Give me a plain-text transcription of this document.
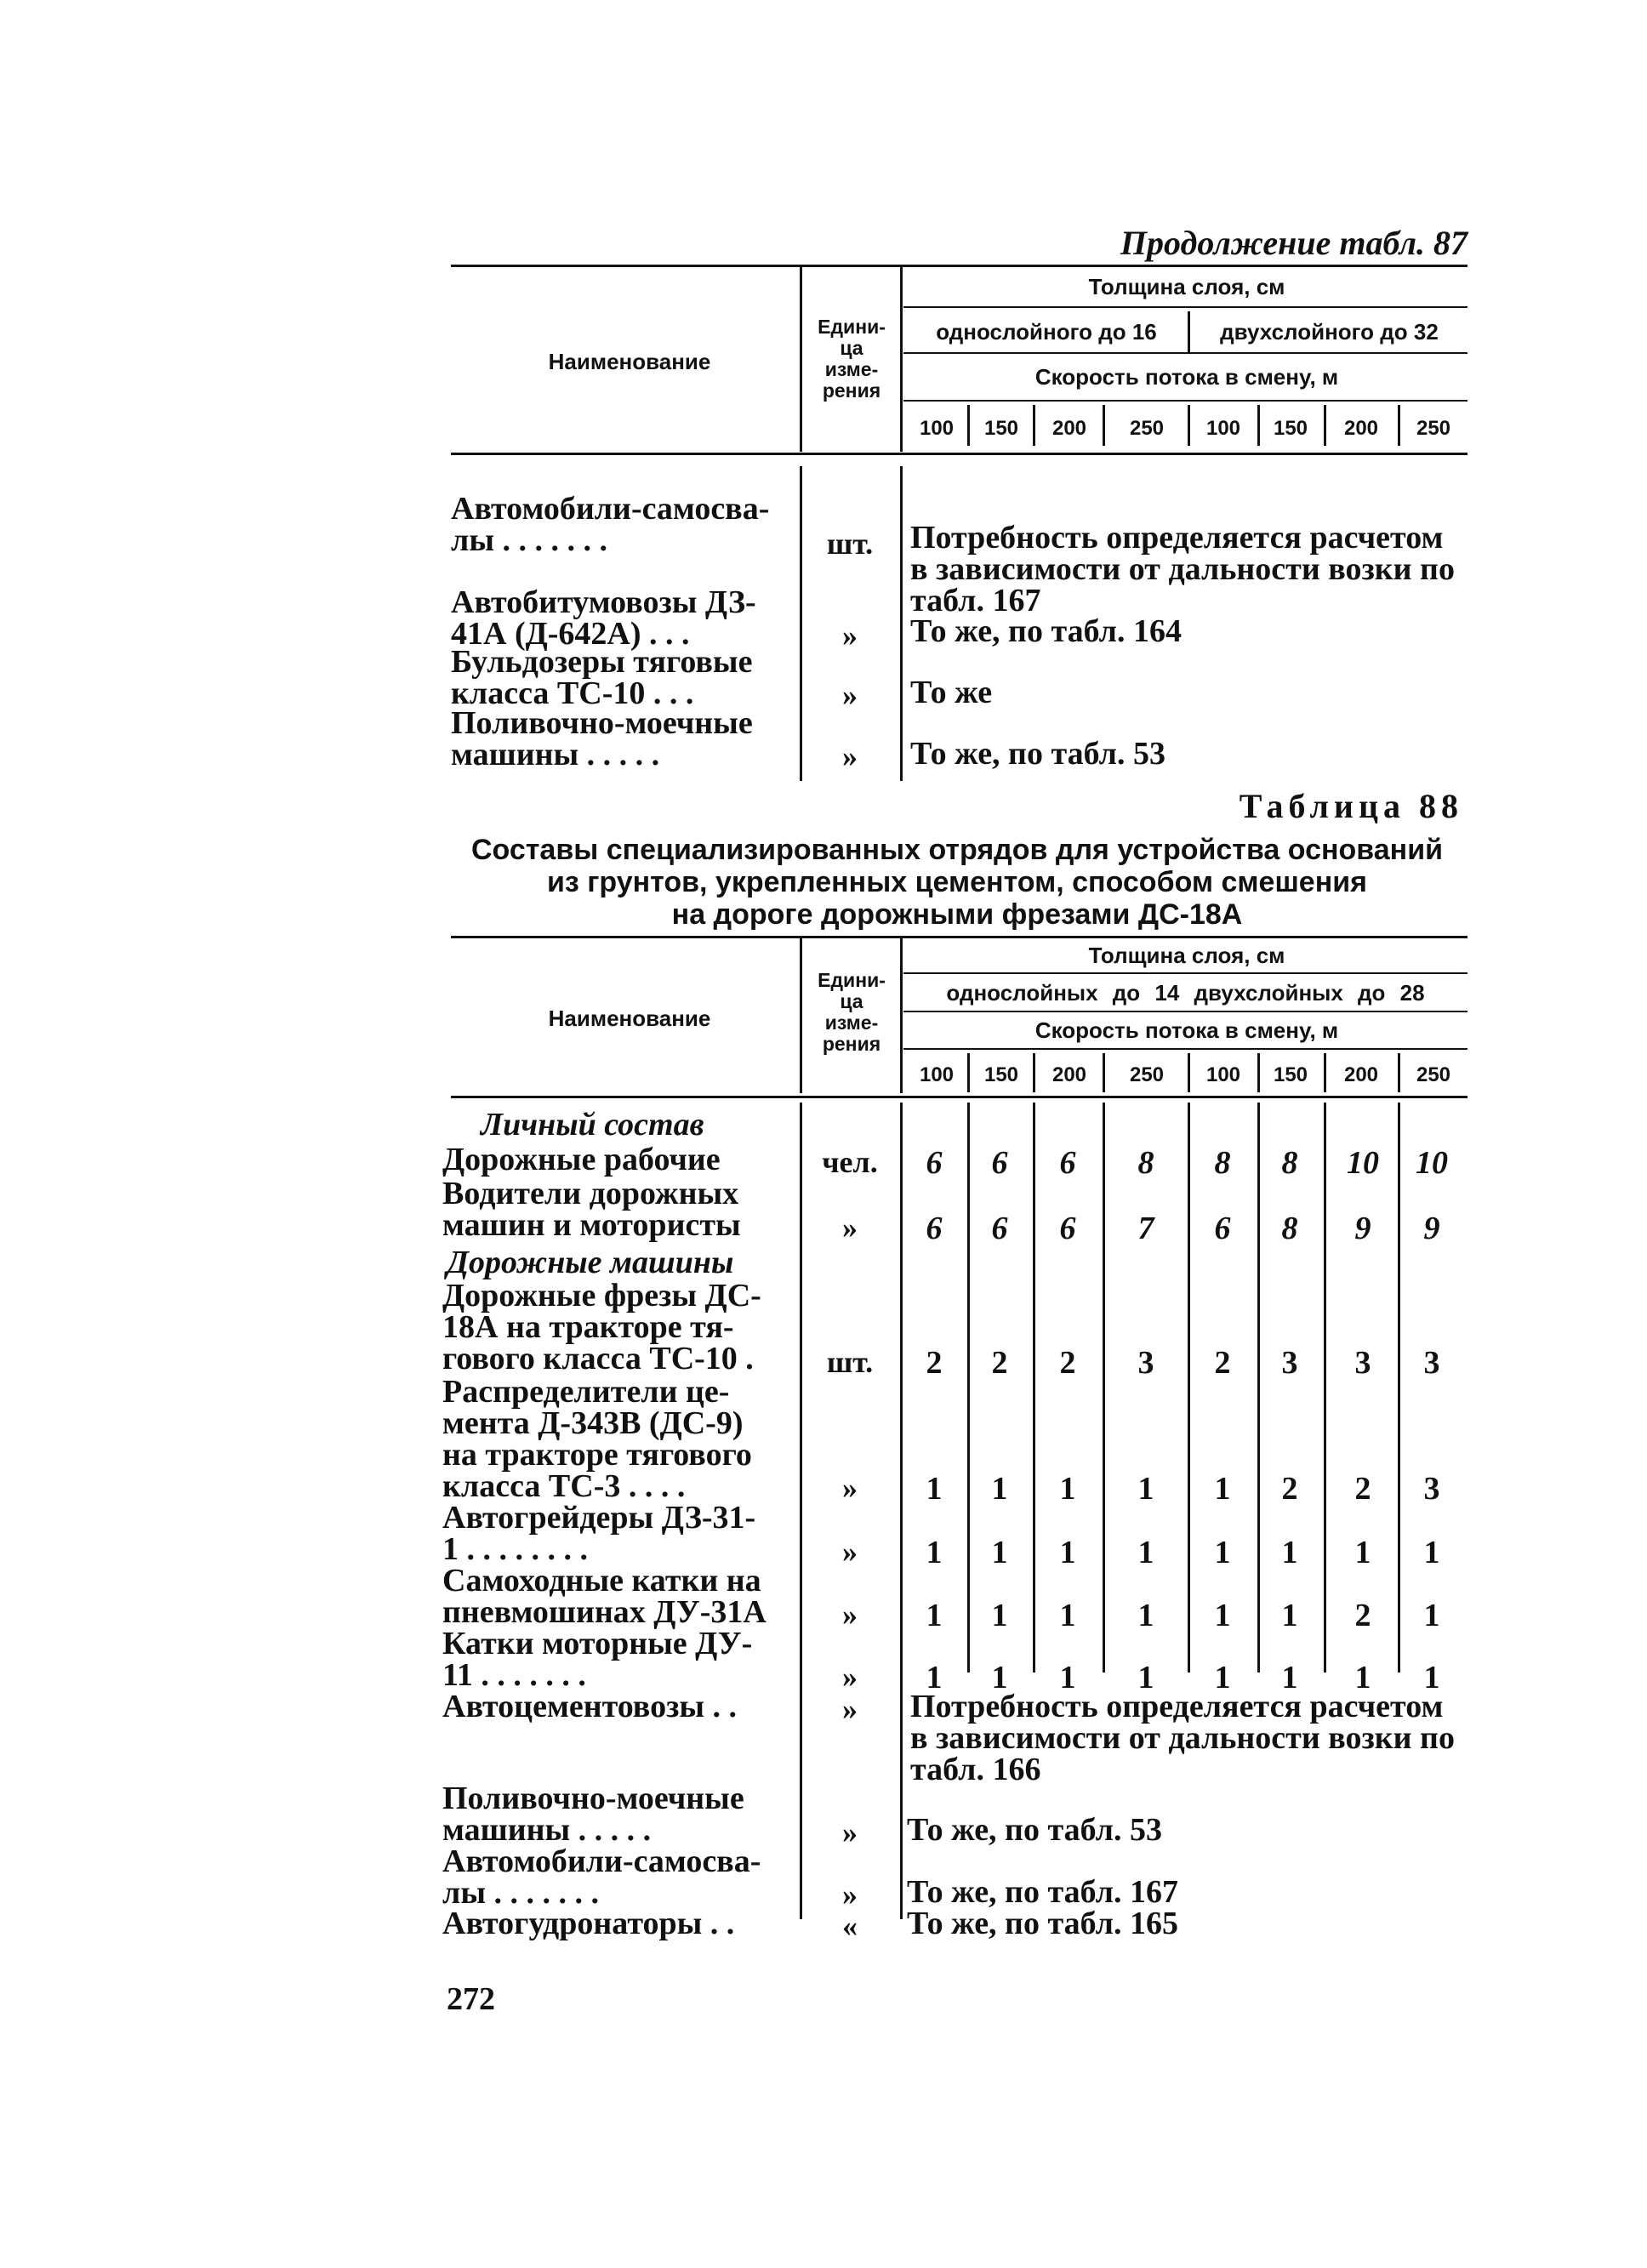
Продолжение табл. 87
Наименование
Едини-
ца
изме-
рения
Толщина слоя, см
однослойного до 16	двухслойного до 32
Скорость потока в смену, м
100	150	200	250	100	150	200	250
Автомобили-самосва-
лы . . . . . . .	шт.	Потребность определяется расчетом
в зависимости от дальности возки по
табл. 167
Автобитумовозы ДЗ-
41А (Д-642А) . . .	»	То же, по табл. 164
Бульдозеры тяговые
класса ТС-10 . . .	»	То же
Поливочно-моечные
машины . . . . .	»	То же, по табл. 53
Таблица 88
Составы специализированных отрядов для устройства оснований
из грунтов, укрепленных цементом, способом смешения
на дороге дорожными фрезами ДС-18А
Наименование
Едини-
ца
изме-
рения
Толщина слоя, см
однослойных до 14 двухслойных до 28
Скорость потока в смену, м
100	150	200	250	100	150	200	250
Личный состав
Дорожные рабочие	чел.	6	6	6	8	8	8	10	10
Водители дорожных
машин и мотористы	»	6	6	6	7	6	8	9	9
Дорожные машины
Дорожные фрезы ДС-
18А на тракторе тя-
гового класса ТС-10 .	шт.	2	2	2	3	2	3	3	3
Распределители це-
мента Д-343В (ДС-9)
на тракторе тягового
класса ТС-3 . . . .	»	1	1	1	1	1	2	2	3
Автогрейдеры ДЗ-31-
1 . . . . . . . .	»	1	1	1	1	1	1	1	1
Самоходные катки на
пневмошинах ДУ-31А	»	1	1	1	1	1	1	2	1
Катки моторные ДУ-
11 . . . . . . .	»	1	1	1	1	1	1	1	1
Автоцементовозы . .	»	Потребность определяется расчетом
в зависимости от дальности возки по
табл. 166
Поливочно-моечные
машины . . . . .	»	То же, по табл. 53
Автомобили-самосва-
лы . . . . . . .	»	То же, по табл. 167
Автогудронаторы . .	«	То же, по табл. 165
272
